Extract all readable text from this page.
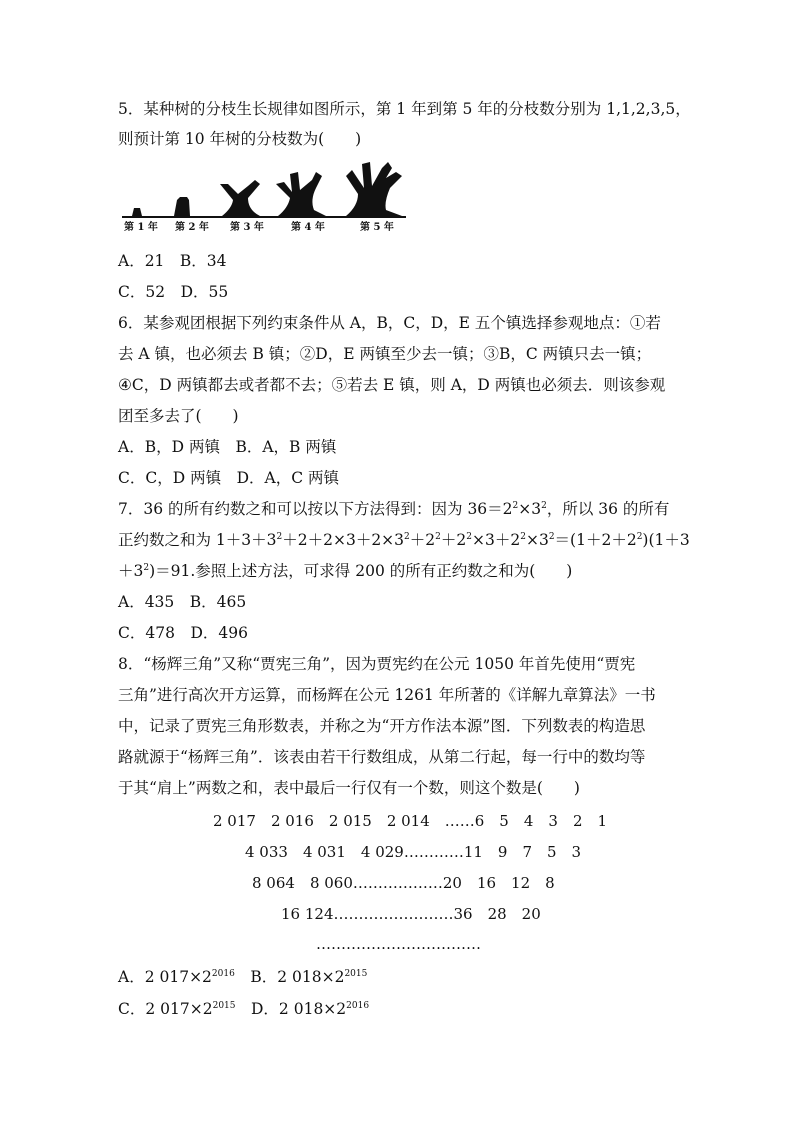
5．某种树的分枝生长规律如图所示，第 1 年到第 5 年的分枝数分别为 1,1,2,3,5，
则预计第 10 年树的分枝数为(　　)
第 1 年 第 2 年 第 3 年	第 4 年	第 5 年
A．21　B．34
C．52　D．55
6．某参观团根据下列约束条件从 A，B，C，D，E 五个镇选择参观地点：①若
去 A 镇，也必须去 B 镇；②D，E 两镇至少去一镇；③B，C 两镇只去一镇；
④C，D 两镇都去或者都不去；⑤若去 E 镇，则 A，D 两镇也必须去．则该参观
团至多去了(　　)
A．B，D 两镇　B．A，B 两镇
C．C，D 两镇　D．A，C 两镇
7．36 的所有约数之和可以按以下方法得到：因为 $36=2^2\times 3^2$，所以 36 的所有
正约数之和为 $1+3+3^2+2+2\times 3+2\times 3^2+2^2+2^2\times 3+2^2\times 3^2=(1+2+2^2)(1+3$
$+3^2)=91$.参照上述方法，可求得 200 的所有正约数之和为(　　)
A．435　B．465
C．478　D．496
8．“杨辉三角”又称“贾宪三角”，因为贾宪约在公元 1050 年首先使用“贾宪
三角”进行高次开方运算，而杨辉在公元 1261 年所著的《详解九章算法》一书
中，记录了贾宪三角形数表，并称之为“开方作法本源”图．下列数表的构造思
路就源于“杨辉三角”．该表由若干行数组成，从第二行起，每一行中的数均等
于其“肩上”两数之和，表中最后一行仅有一个数，则这个数是(　　)
2 017　2 016　2 015　2 014　……6　5　4　3　2　1
4 033　4 031　4 029…………11　9　7　5　3
8 064　8 060………………20　16　12　8
16 124……………………36　28　20
……………………………
A．2 $017\times 2^{2016}$　B．2 $018\times 2^{2015}$
C．2 $017\times 2^{2015}$　D．2 $018\times 2^{2016}$
